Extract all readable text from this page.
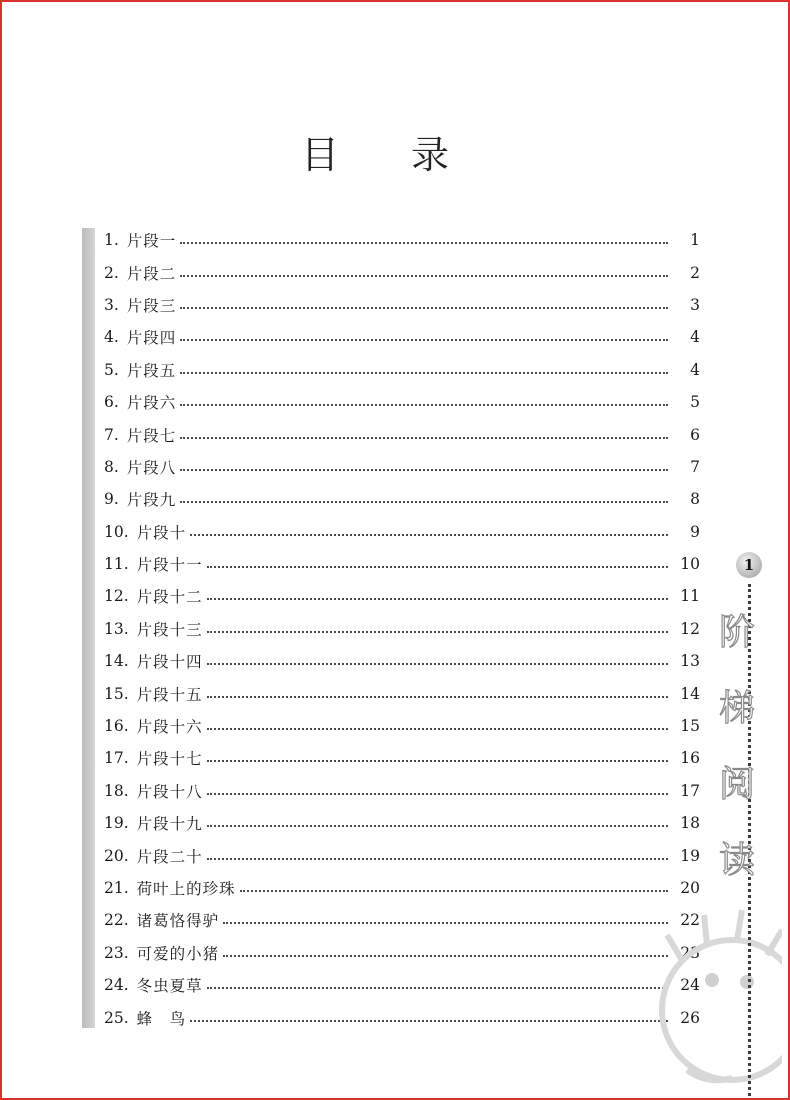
目 录
1. 片段一	1
2. 片段二	2
3. 片段三	3
4. 片段四	4
5. 片段五	4
6. 片段六	5
7. 片段七	6
8. 片段八	7
9. 片段九	8
10. 片段十	9
11. 片段十一	10
12. 片段十二	11
13. 片段十三	12
14. 片段十四	13
15. 片段十五	14
16. 片段十六	15
17. 片段十七	16
18. 片段十八	17
19. 片段十九	18
20. 片段二十	19
21. 荷叶上的珍珠	20
22. 诸葛恪得驴	22
23. 可爱的小猪	23
24. 冬虫夏草	24
25. 蜂　鸟	26
1
阶
梯
阅
读
